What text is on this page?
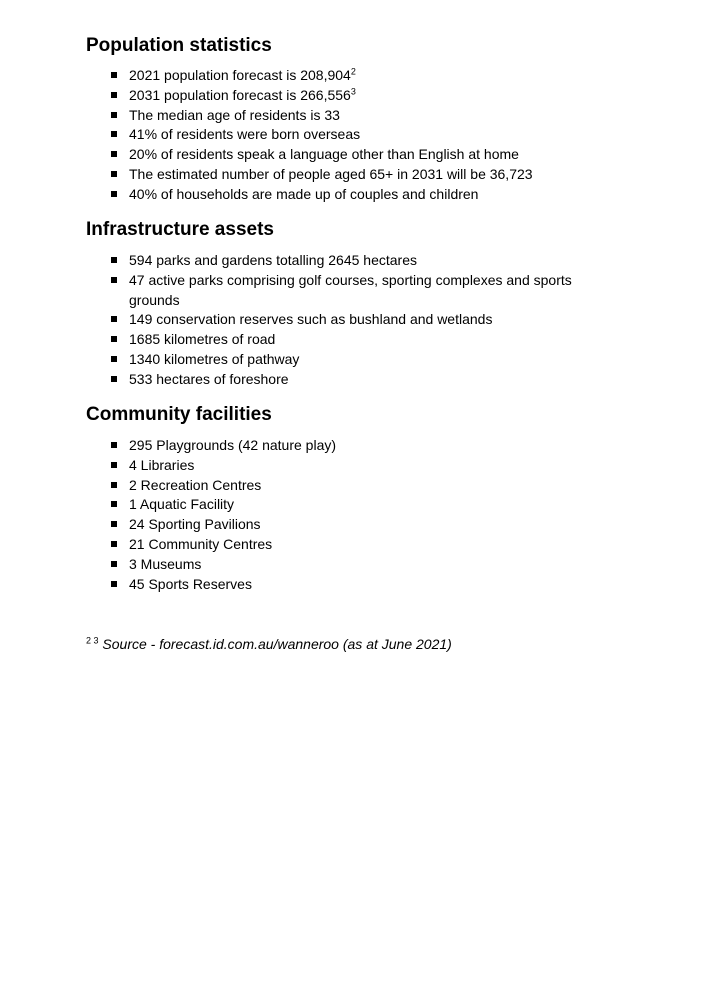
Population statistics
2021 population forecast is 208,904$^2$
2031 population forecast is 266,556$^3$
The median age of residents is 33
41% of residents were born overseas
20% of residents speak a language other than English at home
The estimated number of people aged 65+ in 2031 will be 36,723
40% of households are made up of couples and children
Infrastructure assets
594 parks and gardens totalling 2645 hectares
47 active parks comprising golf courses, sporting complexes and sports grounds
149 conservation reserves such as bushland and wetlands
1685 kilometres of road
1340 kilometres of pathway
533 hectares of foreshore
Community facilities
295 Playgrounds (42 nature play)
4 Libraries
2 Recreation Centres
1 Aquatic Facility
24 Sporting Pavilions
21 Community Centres
3 Museums
45 Sports Reserves
$^{2 3}$ Source - forecast.id.com.au/wanneroo (as at June 2021)
